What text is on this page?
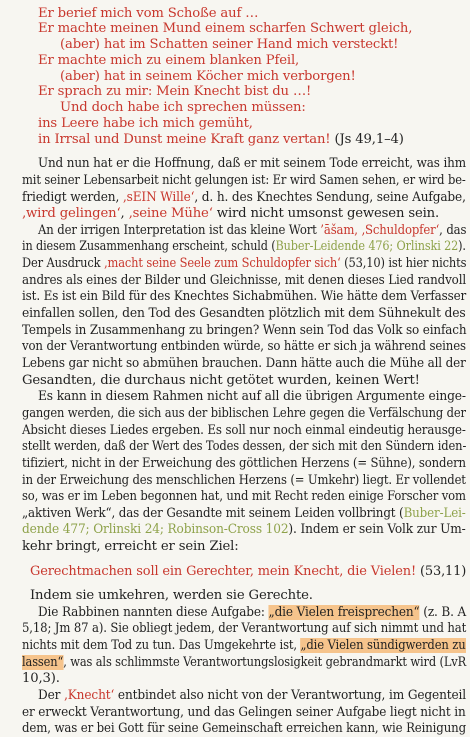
Er berief mich vom Schoße auf …
Er machte meinen Mund einem scharfen Schwert gleich,
(aber) hat im Schatten seiner Hand mich versteckt!
Er machte mich zu einem blanken Pfeil,
(aber) hat in seinem Köcher mich verborgen!
Er sprach zu mir: Mein Knecht bist du …!
Und doch habe ich sprechen müssen:
ins Leere habe ich mich gemüht,
in Irrsal und Dunst meine Kraft ganz vertan! (Js 49,1–4)
Und nun hat er die Hoffnung, daß er mit seinem Tode erreicht, was ihm
mit seiner Lebensarbeit nicht gelungen ist: Er wird Samen sehen, er wird be-
friedigt werden, ‚sEIN Wille‘, d. h. des Knechtes Sendung, seine Aufgabe,
‚wird gelingen‘, ‚seine Mühe‘ wird nicht umsonst gewesen sein.
An der irrigen Interpretation ist das kleine Wort ’āšam, ‚Schuldopfer‘, das
in diesem Zusammenhang erscheint, schuld (Buber-Leidende 476; Orlinski 22).
Der Ausdruck ‚macht seine Seele zum Schuldopfer sich‘ (53,10) ist hier nichts
andres als eines der Bilder und Gleichnisse, mit denen dieses Lied randvoll
ist. Es ist ein Bild für des Knechtes Sichabmühen. Wie hätte dem Verfasser
einfallen sollen, den Tod des Gesandten plötzlich mit dem Sühnekult des
Tempels in Zusammenhang zu bringen? Wenn sein Tod das Volk so einfach
von der Verantwortung entbinden würde, so hätte er sich ja während seines
Lebens gar nicht so abmühen brauchen. Dann hätte auch die Mühe all der
Gesandten, die durchaus nicht getötet wurden, keinen Wert!
Es kann in diesem Rahmen nicht auf all die übrigen Argumente einge-
gangen werden, die sich aus der biblischen Lehre gegen die Verfälschung der
Absicht dieses Liedes ergeben. Es soll nur noch einmal eindeutig herausge-
stellt werden, daß der Wert des Todes dessen, der sich mit den Sündern iden-
tifiziert, nicht in der Erweichung des göttlichen Herzens (= Sühne), sondern
in der Erweichung des menschlichen Herzens (= Umkehr) liegt. Er vollendet
so, was er im Leben begonnen hat, und mit Recht reden einige Forscher vom
„aktiven Werk“, das der Gesandte mit seinem Leiden vollbringt (Buber-Lei-
dende 477; Orlinski 24; Robinson-Cross 102). Indem er sein Volk zur Um-
kehr bringt, erreicht er sein Ziel:
Gerechtmachen soll ein Gerechter, mein Knecht, die Vielen! (53,11)
Indem sie umkehren, werden sie Gerechte.
Die Rabbinen nannten diese Aufgabe: „die Vielen freisprechen“ (z. B. A
5,18; Jm 87 a). Sie obliegt jedem, der Verantwortung auf sich nimmt und hat
nichts mit dem Tod zu tun. Das Umgekehrte ist, „die Vielen sündigwerden zu
lassen“, was als schlimmste Verantwortungslosigkeit gebrandmarkt wird (LvR
10,3).
Der ‚Knecht‘ entbindet also nicht von der Verantwortung, im Gegenteil
er erweckt Verantwortung, und das Gelingen seiner Aufgabe liegt nicht in
dem, was er bei Gott für seine Gemeinschaft erreichen kann, wie Reinigung
